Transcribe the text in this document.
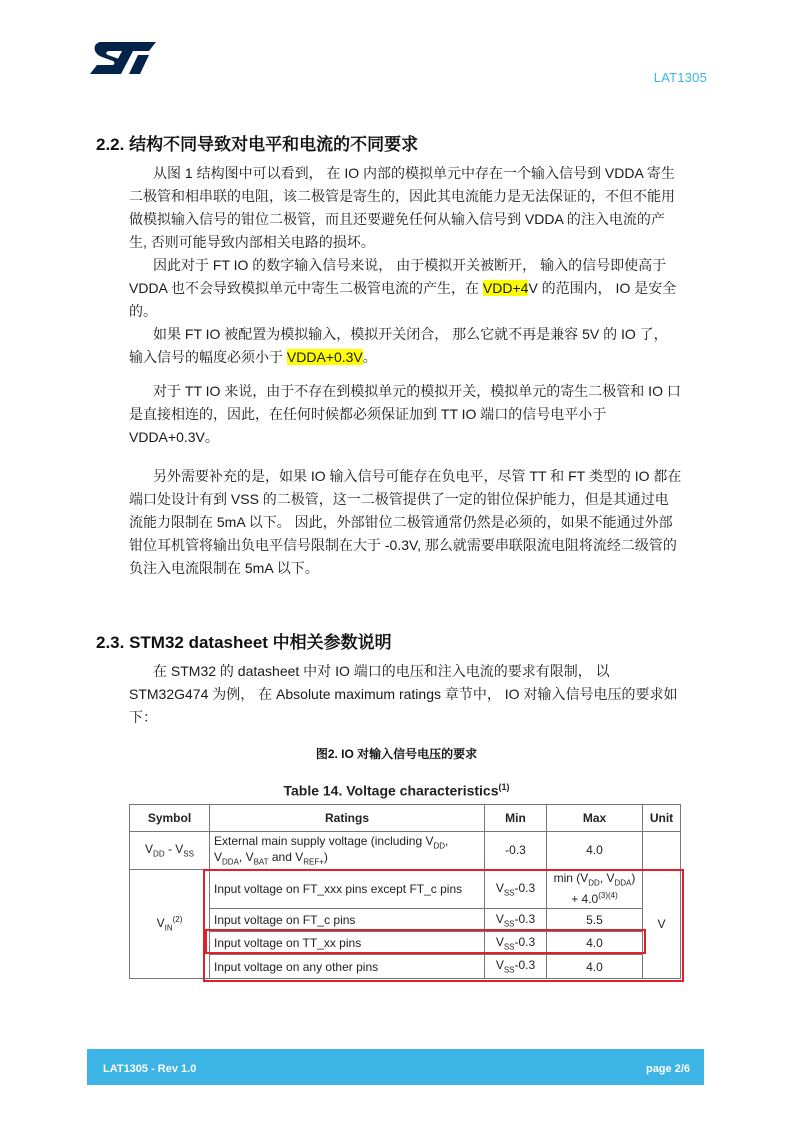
LAT1305
2.2. 结构不同导致对电平和电流的不同要求
从图 1 结构图中可以看到， 在 IO 内部的模拟单元中存在一个输入信号到 VDDA 寄生
二极管和相串联的电阻，该二极管是寄生的，因此其电流能力是无法保证的，不但不能用
做模拟输入信号的钳位二极管，而且还要避免任何从输入信号到 VDDA 的注入电流的产
生, 否则可能导致内部相关电路的损坏。
因此对于 FT IO 的数字输入信号来说， 由于模拟开关被断开， 输入的信号即使高于
VDDA 也不会导致模拟单元中寄生二极管电流的产生，在 VDD+4V 的范围内， IO 是安全
的。
如果 FT IO 被配置为模拟输入，模拟开关闭合， 那么它就不再是兼容 5V 的 IO 了，
输入信号的幅度必须小于 VDDA+0.3V。
对于 TT IO 来说，由于不存在到模拟单元的模拟开关，模拟单元的寄生二极管和 IO 口
是直接相连的，因此，在任何时候都必须保证加到 TT IO 端口的信号电平小于
VDDA+0.3V。
另外需要补充的是，如果 IO 输入信号可能存在负电平，尽管 TT 和 FT 类型的 IO 都在
端口处设计有到 VSS 的二极管，这一二极管提供了一定的钳位保护能力，但是其通过电
流能力限制在 5mA 以下。 因此，外部钳位二极管通常仍然是必须的，如果不能通过外部
钳位耳机管将输出负电平信号限制在大于 -0.3V, 那么就需要串联限流电阻将流经二级管的
负注入电流限制在 5mA 以下。
2.3. STM32 datasheet 中相关参数说明
在 STM32 的 datasheet 中对 IO 端口的电压和注入电流的要求有限制， 以
STM32G474 为例， 在 Absolute maximum ratings 章节中， IO 对输入信号电压的要求如
下：
图2. IO 对输入信号电压的要求
Table 14. Voltage characteristics$^{(1)}$
Symbol	Ratings	Min	Max	Unit
$V_{DD} - V_{SS}$	External main supply voltage (including $V_{DD}$,
$V_{DDA}$, $V_{BAT}$ and $V_{REF+}$)	-0.3	4.0	
$V_{IN}^{(2)}$	Input voltage on FT_xxx pins except FT_c pins	$V_{SS}-0.3$	$\min (V_{DD}$, $V_{DDA}$)
+ $4.0^{(3)(4)}$	V
	Input voltage on FT_c pins	$V_{SS}-0.3$	5.5	
	Input voltage on TT_xx pins	$V_{SS}-0.3$	4.0	
	Input voltage on any other pins	$V_{SS}-0.3$	4.0	
LAT1305 - Rev 1.0	page 2/6
